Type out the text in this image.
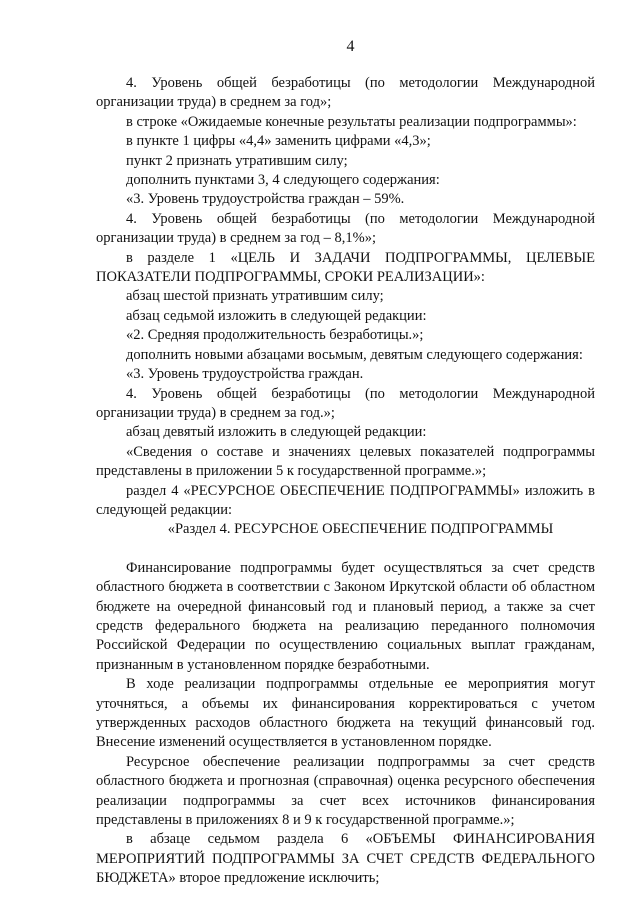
4

4. Уровень общей безработицы (по методологии Международной организации труда) в среднем за год»;

в строке «Ожидаемые конечные результаты реализации подпрограммы»:

в пункте 1 цифры «4,4» заменить цифрами «4,3»;

пункт 2 признать утратившим силу;

дополнить пунктами 3, 4 следующего содержания:

«3. Уровень трудоустройства граждан – 59%.

4. Уровень общей безработицы (по методологии Международной организации труда) в среднем за год – 8,1%»;

в разделе 1 «ЦЕЛЬ И ЗАДАЧИ ПОДПРОГРАММЫ, ЦЕЛЕВЫЕ ПОКАЗАТЕЛИ ПОДПРОГРАММЫ, СРОКИ РЕАЛИЗАЦИИ»:

абзац шестой признать утратившим силу;

абзац седьмой изложить в следующей редакции:

«2. Средняя продолжительность безработицы.»;

дополнить новыми абзацами восьмым, девятым следующего содержания:

«3. Уровень трудоустройства граждан.

4. Уровень общей безработицы (по методологии Международной организации труда) в среднем за год.»;

абзац девятый изложить в следующей редакции:

«Сведения о составе и значениях целевых показателей подпрограммы представлены в приложении 5 к государственной программе.»;

раздел 4 «РЕСУРСНОЕ ОБЕСПЕЧЕНИЕ ПОДПРОГРАММЫ» изложить в следующей редакции:

«Раздел 4. РЕСУРСНОЕ ОБЕСПЕЧЕНИЕ ПОДПРОГРАММЫ

Финансирование подпрограммы будет осуществляться за счет средств областного бюджета в соответствии с Законом Иркутской области об областном бюджете на очередной финансовый год и плановый период, а также за счет средств федерального бюджета на реализацию переданного полномочия Российской Федерации по осуществлению социальных выплат гражданам, признанным в установленном порядке безработными.

В ходе реализации подпрограммы отдельные ее мероприятия могут уточняться, а объемы их финансирования корректироваться с учетом утвержденных расходов областного бюджета на текущий финансовый год. Внесение изменений осуществляется в установленном порядке.

Ресурсное обеспечение реализации подпрограммы за счет средств областного бюджета и прогнозная (справочная) оценка ресурсного обеспечения реализации подпрограммы за счет всех источников финансирования представлены в приложениях 8 и 9 к государственной программе.»;

в абзаце седьмом раздела 6 «ОБЪЕМЫ ФИНАНСИРОВАНИЯ МЕРОПРИЯТИЙ ПОДПРОГРАММЫ ЗА СЧЕТ СРЕДСТВ ФЕДЕРАЛЬНОГО БЮДЖЕТА» второе предложение исключить;
